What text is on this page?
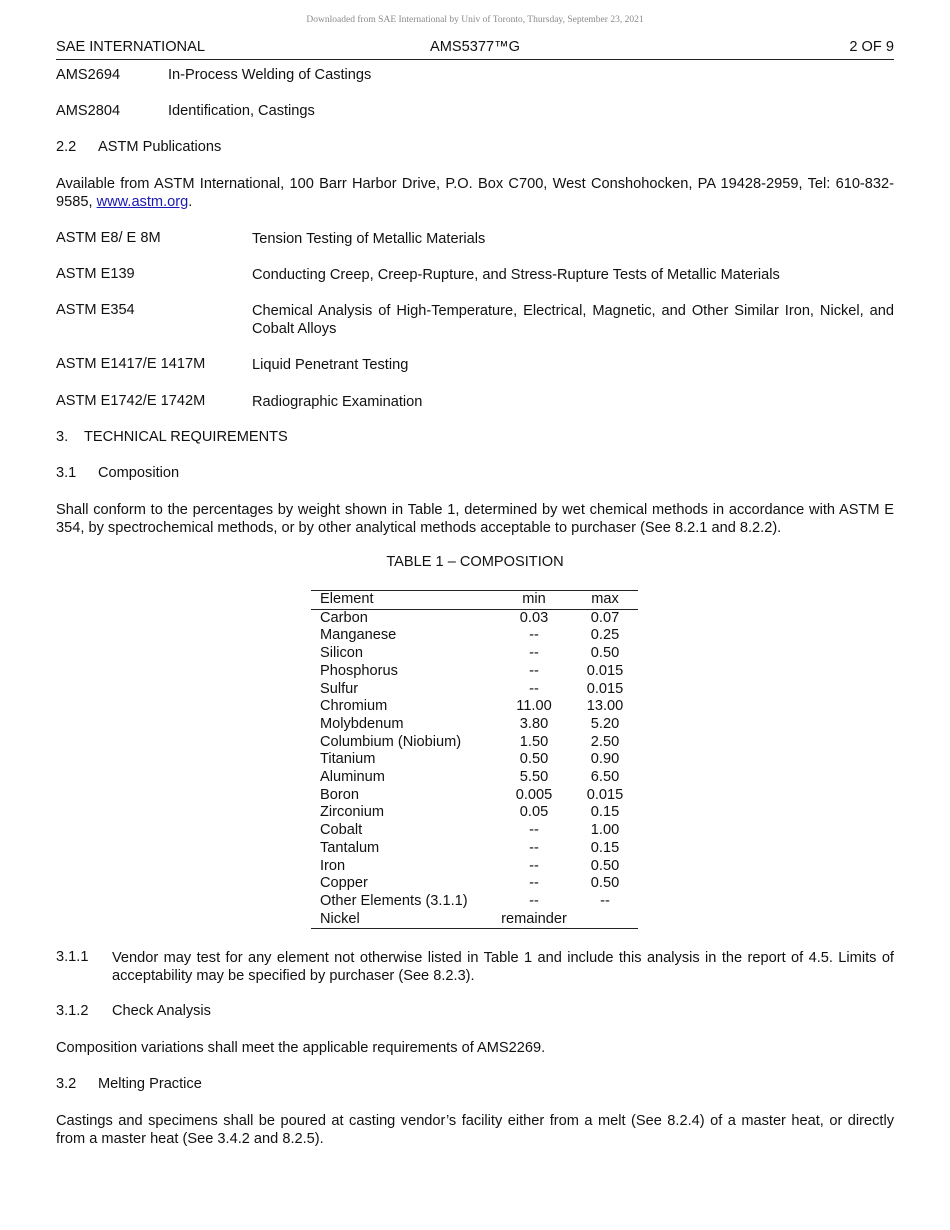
Downloaded from SAE International by Univ of Toronto, Thursday, September 23, 2021
SAE INTERNATIONAL	AMS5377™G	2 OF 9
AMS2694	In-Process Welding of Castings
AMS2804	Identification, Castings
2.2 ASTM Publications
Available from ASTM International, 100 Barr Harbor Drive, P.O. Box C700, West Conshohocken, PA 19428-2959, Tel: 610-832-9585, www.astm.org.
ASTM E8/ E 8M	Tension Testing of Metallic Materials
ASTM E139	Conducting Creep, Creep-Rupture, and Stress-Rupture Tests of Metallic Materials
ASTM E354	Chemical Analysis of High-Temperature, Electrical, Magnetic, and Other Similar Iron, Nickel, and Cobalt Alloys
ASTM E1417/E 1417M	Liquid Penetrant Testing
ASTM E1742/E 1742M	Radiographic Examination
3. TECHNICAL REQUIREMENTS
3.1 Composition
Shall conform to the percentages by weight shown in Table 1, determined by wet chemical methods in accordance with ASTM E 354, by spectrochemical methods, or by other analytical methods acceptable to purchaser (See 8.2.1 and 8.2.2).
TABLE 1 – COMPOSITION
Element	min	max
Carbon	0.03	0.07
Manganese	--	0.25
Silicon	--	0.50
Phosphorus	--	0.015
Sulfur	--	0.015
Chromium	11.00	13.00
Molybdenum	3.80	5.20
Columbium (Niobium)	1.50	2.50
Titanium	0.50	0.90
Aluminum	5.50	6.50
Boron	0.005	0.015
Zirconium	0.05	0.15
Cobalt	--	1.00
Tantalum	--	0.15
Iron	--	0.50
Copper	--	0.50
Other Elements (3.1.1)	--	--
Nickel	remainder	
3.1.1 Vendor may test for any element not otherwise listed in Table 1 and include this analysis in the report of 4.5. Limits of acceptability may be specified by purchaser (See 8.2.3).
3.1.2 Check Analysis
Composition variations shall meet the applicable requirements of AMS2269.
3.2 Melting Practice
Castings and specimens shall be poured at casting vendor’s facility either from a melt (See 8.2.4) of a master heat, or directly from a master heat (See 3.4.2 and 8.2.5).
